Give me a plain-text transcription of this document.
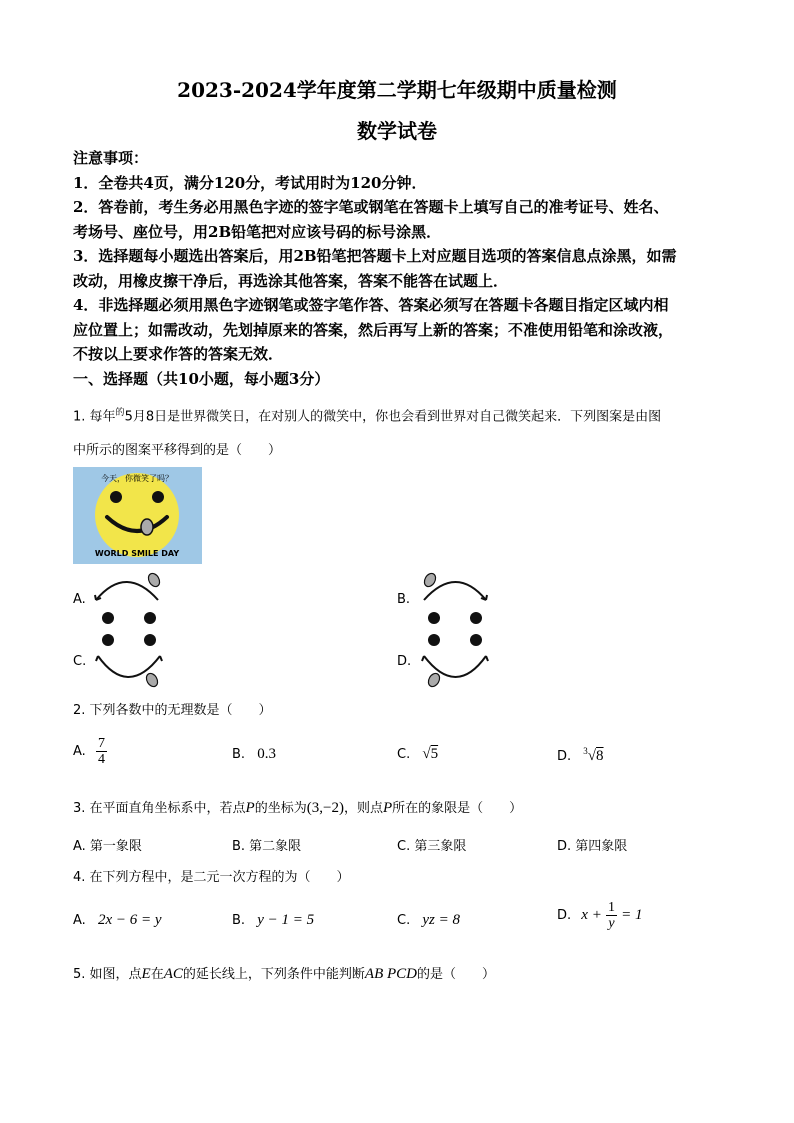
2023-2024学年度第二学期七年级期中质量检测
数学试卷
注意事项：
1．全卷共4页，满分120分，考试用时为120分钟．
2．答卷前，考生务必用黑色字迹的签字笔或钢笔在答题卡上填写自己的准考证号、姓名、
考场号、座位号，用2B铅笔把对应该号码的标号涂黑．
3．选择题每小题选出答案后，用2B铅笔把答题卡上对应题目选项的答案信息点涂黑，如需
改动，用橡皮擦干净后，再选涂其他答案，答案不能答在试题上．
4．非选择题必须用黑色字迹钢笔或签字笔作答、答案必须写在答题卡各题目指定区域内相
应位置上；如需改动，先划掉原来的答案，然后再写上新的答案；不准使用铅笔和涂改液，
不按以上要求作答的答案无效．
一、选择题（共10小题，每小题3分）
1. 每年$^的$5月8日是世界微笑日，在对别人的微笑中，你也会看到世界对自己微笑起来．下列图案是由图
中所示的图案平移得到的是（　　）
今天，你微笑了吗？
WORLD SMILE DAY
A.	B.
C.	D.
2. 下列各数中的无理数是（　　）
A. $\frac{7}{4}$	B. 0.3	C. √5	D. $^3$√8
3. 在平面直角坐标系中，若点P的坐标为(3,−2)，则点P所在的象限是（　　）
A. 第一象限	B. 第二象限	C. 第三象限	D. 第四象限
4. 在下列方程中，是二元一次方程的为（　　）
A. 2x − 6 = y	B. y − 1 = 5	C. yz = 8	D. $x + \frac{1}{y} = 1$
5. 如图，点E在AC的延长线上，下列条件中能判断AB PCD的是（　　）
